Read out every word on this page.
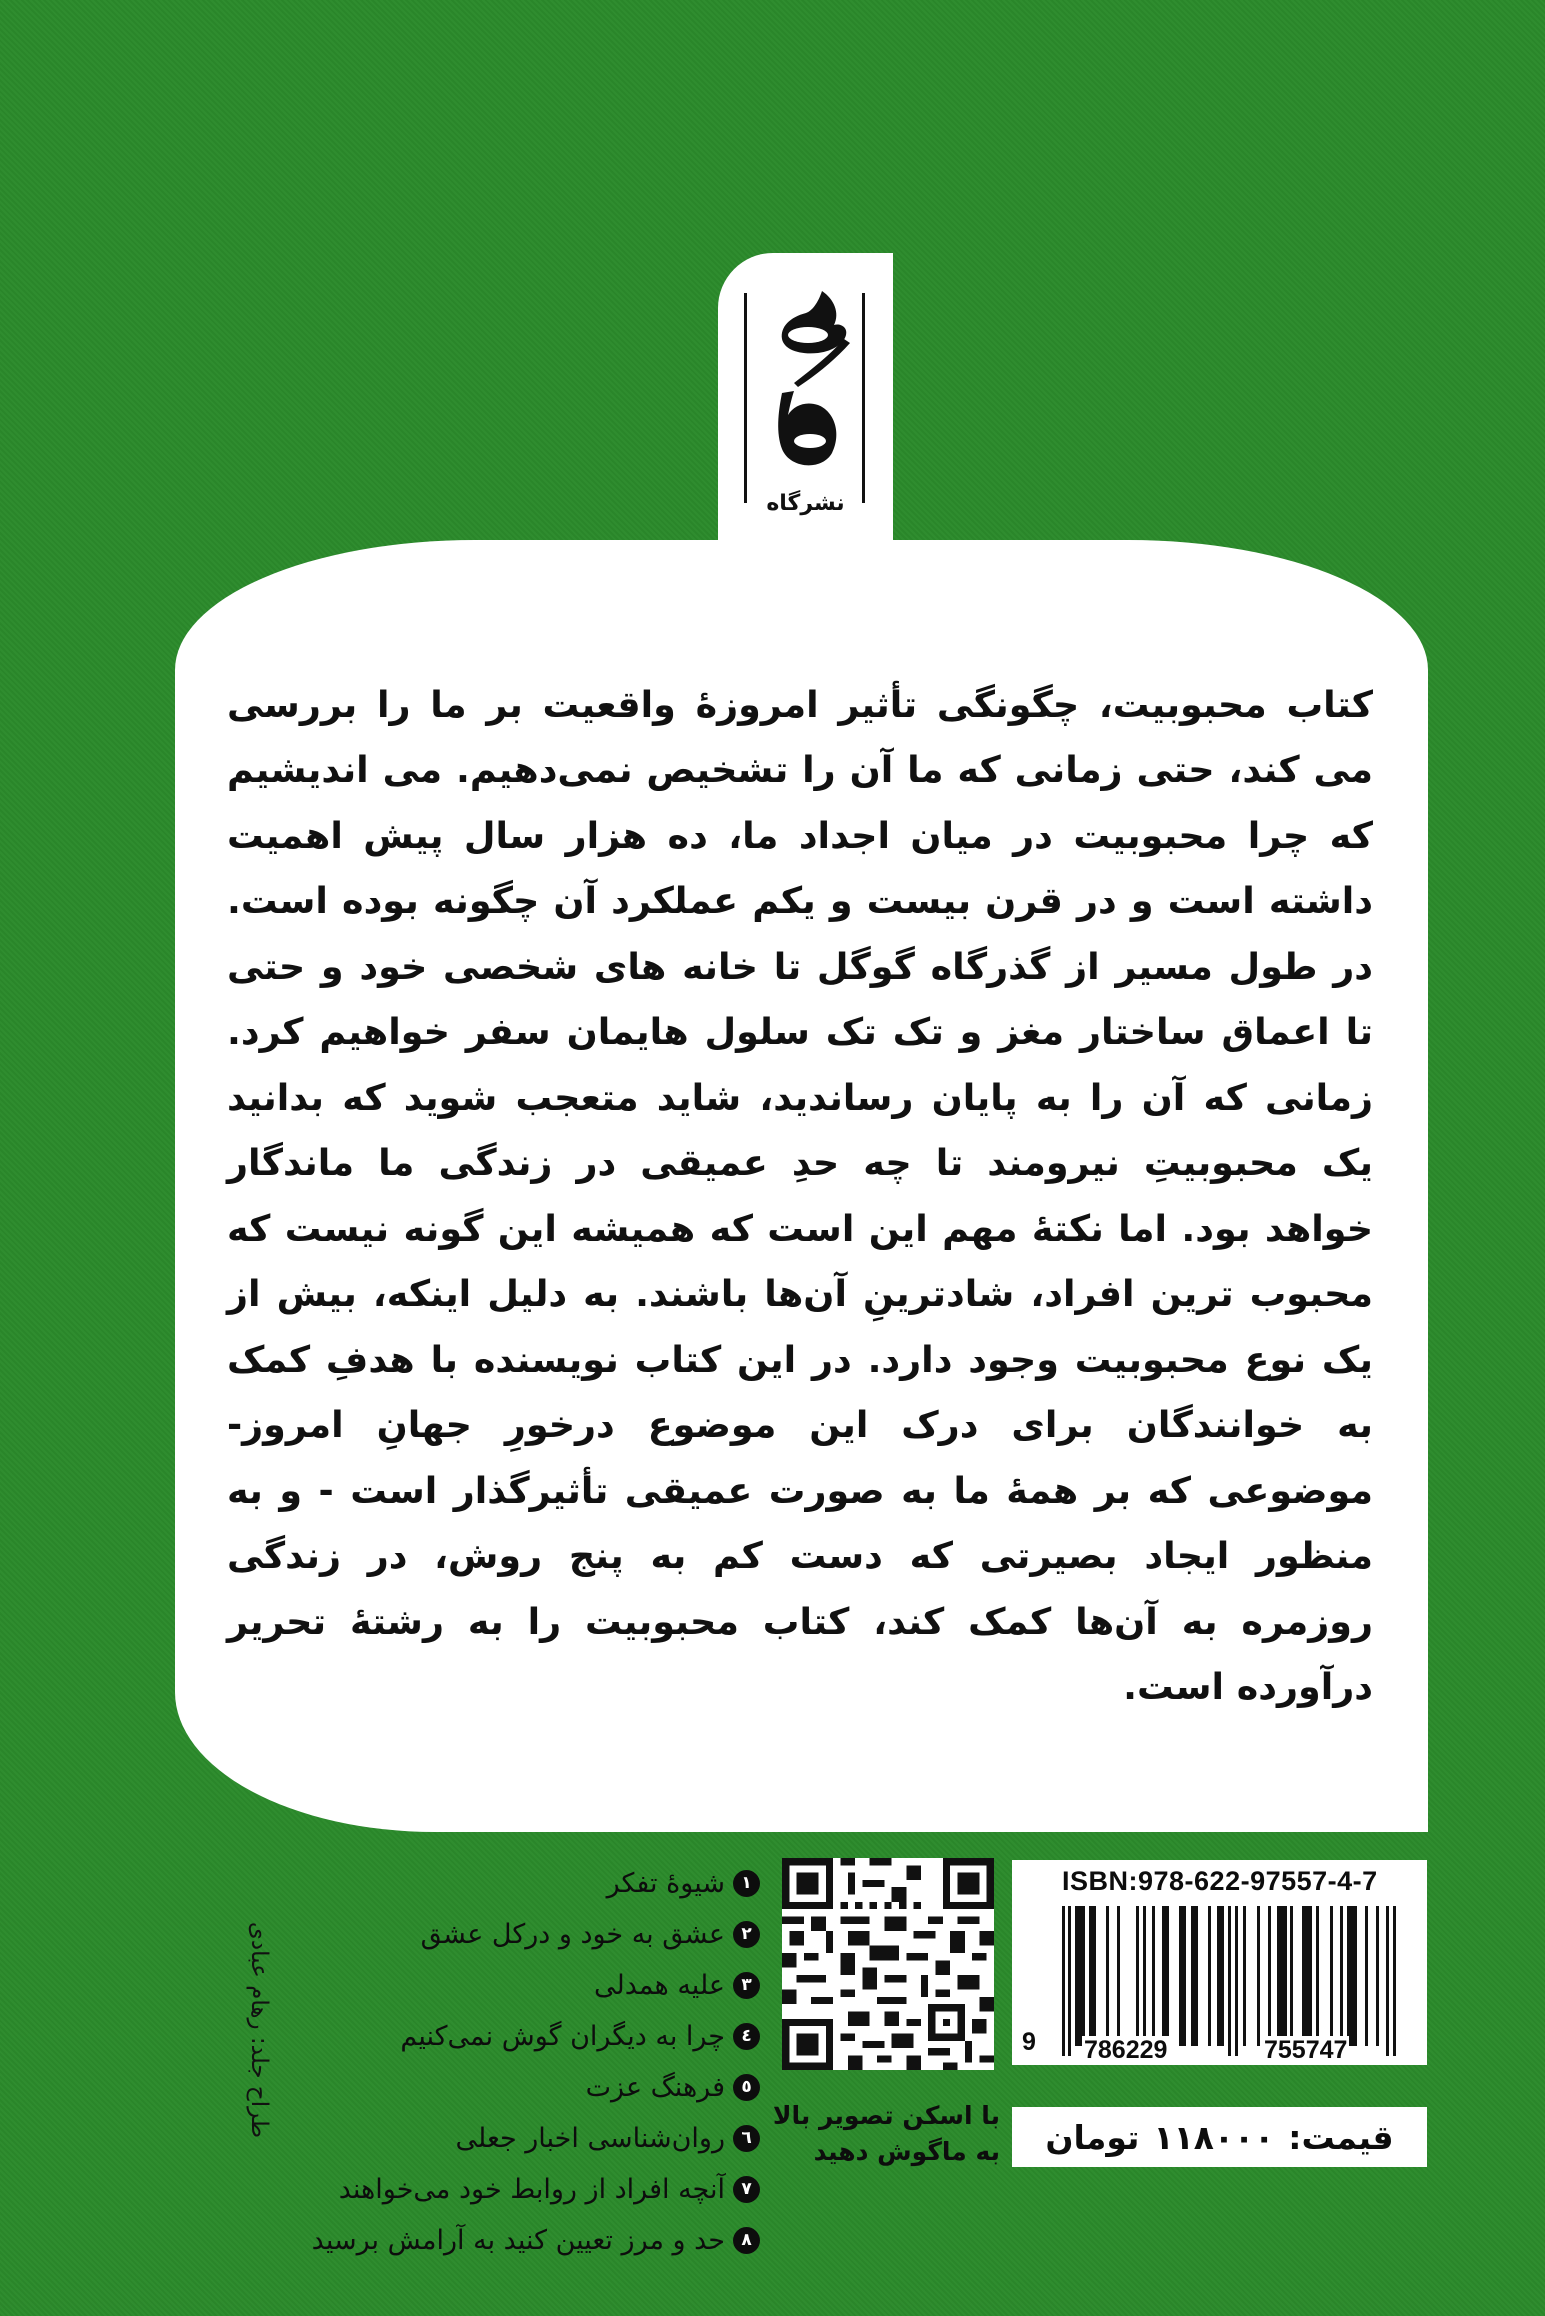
نشرگاه

کتاب محبوبیت، چگونگی تأثیر امروزهٔ واقعیت بر ما را بررسی می کند، حتی زمانی که ما آن را تشخیص نمی‌دهیم. می اندیشیم که چرا محبوبیت در میان اجداد ما، ده هزار سال پیش اهمیت داشته است و در قرن بیست و یکم عملکرد آن چگونه بوده است. در طول مسیر از گذرگاه گوگل تا خانه های شخصی خود و حتی تا اعماق ساختار مغز و تک تک سلول هایمان سفر خواهیم کرد. زمانی که آن را به پایان رساندید، شاید متعجب شوید که بدانید یک محبوبیتِ نیرومند تا چه حدِ عمیقی در زندگی ما ماندگار خواهد بود. اما نکتهٔ مهم این است که همیشه این گونه نیست که محبوب ترین افراد، شادترینِ آن‌ها باشند. به دلیل اینکه، بیش از یک نوع محبوبیت وجود دارد. در این کتاب نویسنده با هدفِ کمک به خوانندگان برای درک این موضوع درخورِ جهانِ امروز- موضوعی که بر همهٔ ما به صورت عمیقی تأثیرگذار است - و به منظور ایجاد بصیرتی که دست کم به پنج روش، در زندگی روزمره به آن‌ها کمک کند، کتاب محبوبیت را به رشتهٔ تحریر درآورده است.

١
شیوهٔ تفکر
٢
عشق به خود و درکل عشق
٣
علیه همدلی
٤
چرا به دیگران گوش نمی‌کنیم
٥
فرهنگ عزت
٦
روان‌شناسی اخبار جعلی
٧
آنچه افراد از روابط خود می‌خواهند
٨
حد و مرز تعیین کنید به آرامش برسید
طراح جلد: رهام عبادی	با اسکن تصویر بالا
به ماگوش دهید
ISBN:978-622-97557-4-7
9 786229	755747
قیمت:
١١٨٠٠٠
تومان
